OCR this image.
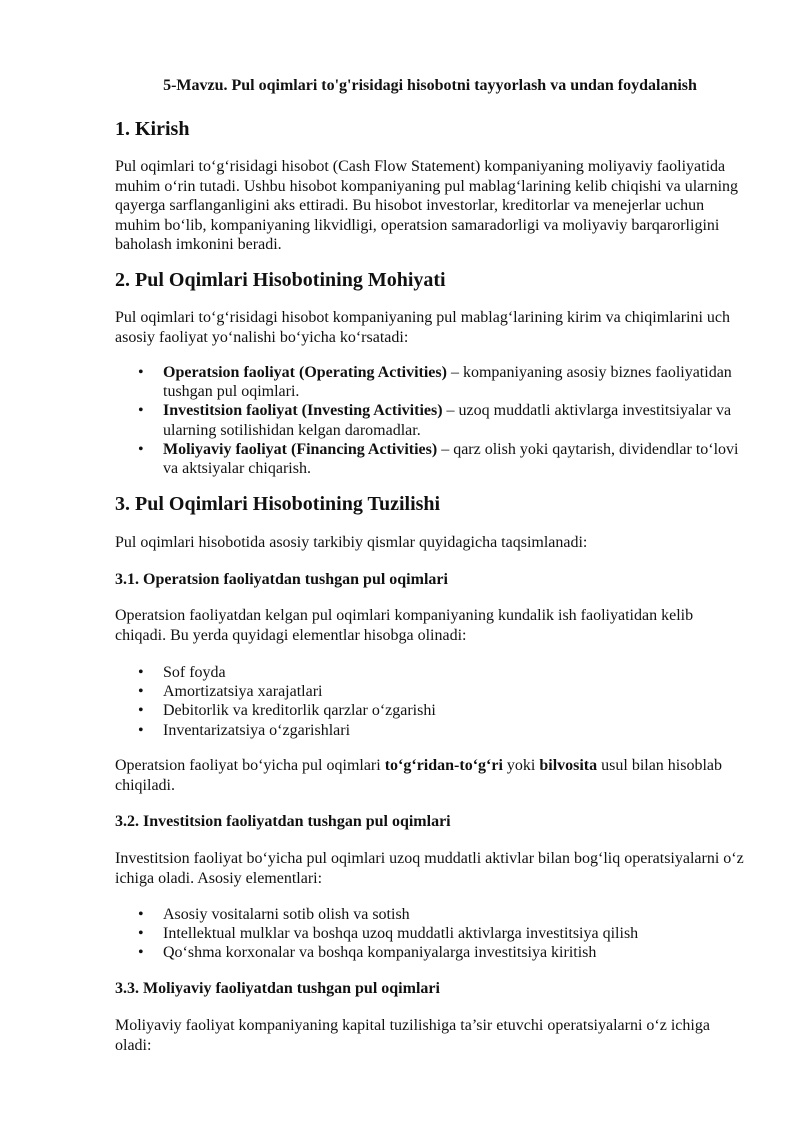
5-Mavzu. Pul oqimlari to'g'risidagi hisobotni tayyorlash va undan foydalanish
1. Kirish

Pul oqimlari to‘g‘risidagi hisobot (Cash Flow Statement) kompaniyaning moliyaviy faoliyatida muhim o‘rin tutadi. Ushbu hisobot kompaniyaning pul mablag‘larining kelib chiqishi va ularning qayerga sarflanganligini aks ettiradi. Bu hisobot investorlar, kreditorlar va menejerlar uchun muhim bo‘lib, kompaniyaning likvidligi, operatsion samaradorligi va moliyaviy barqarorligini baholash imkonini beradi.

2. Pul Oqimlari Hisobotining Mohiyati

Pul oqimlari to‘g‘risidagi hisobot kompaniyaning pul mablag‘larining kirim va chiqimlarini uch asosiy faoliyat yo‘nalishi bo‘yicha ko‘rsatadi:

• Operatsion faoliyat (Operating Activities) – kompaniyaning asosiy biznes faoliyatidan tushgan pul oqimlari.
• Investitsion faoliyat (Investing Activities) – uzoq muddatli aktivlarga investitsiyalar va ularning sotilishidan kelgan daromadlar.
• Moliyaviy faoliyat (Financing Activities) – qarz olish yoki qaytarish, dividendlar to‘lovi va aktsiyalar chiqarish.
3. Pul Oqimlari Hisobotining Tuzilishi

Pul oqimlari hisobotida asosiy tarkibiy qismlar quyidagicha taqsimlanadi:

3.1. Operatsion faoliyatdan tushgan pul oqimlari

Operatsion faoliyatdan kelgan pul oqimlari kompaniyaning kundalik ish faoliyatidan kelib chiqadi. Bu yerda quyidagi elementlar hisobga olinadi:

• Sof foyda
• Amortizatsiya xarajatlari
• Debitorlik va kreditorlik qarzlar o‘zgarishi
• Inventarizatsiya o‘zgarishlari

Operatsion faoliyat bo‘yicha pul oqimlari to‘g‘ridan-to‘g‘ri yoki bilvosita usul bilan hisoblab chiqiladi.

3.2. Investitsion faoliyatdan tushgan pul oqimlari

Investitsion faoliyat bo‘yicha pul oqimlari uzoq muddatli aktivlar bilan bog‘liq operatsiyalarni o‘z ichiga oladi. Asosiy elementlari:

• Asosiy vositalarni sotib olish va sotish
• Intellektual mulklar va boshqa uzoq muddatli aktivlarga investitsiya qilish
• Qo‘shma korxonalar va boshqa kompaniyalarga investitsiya kiritish
3.3. Moliyaviy faoliyatdan tushgan pul oqimlari

Moliyaviy faoliyat kompaniyaning kapital tuzilishiga ta’sir etuvchi operatsiyalarni o‘z ichiga oladi:
